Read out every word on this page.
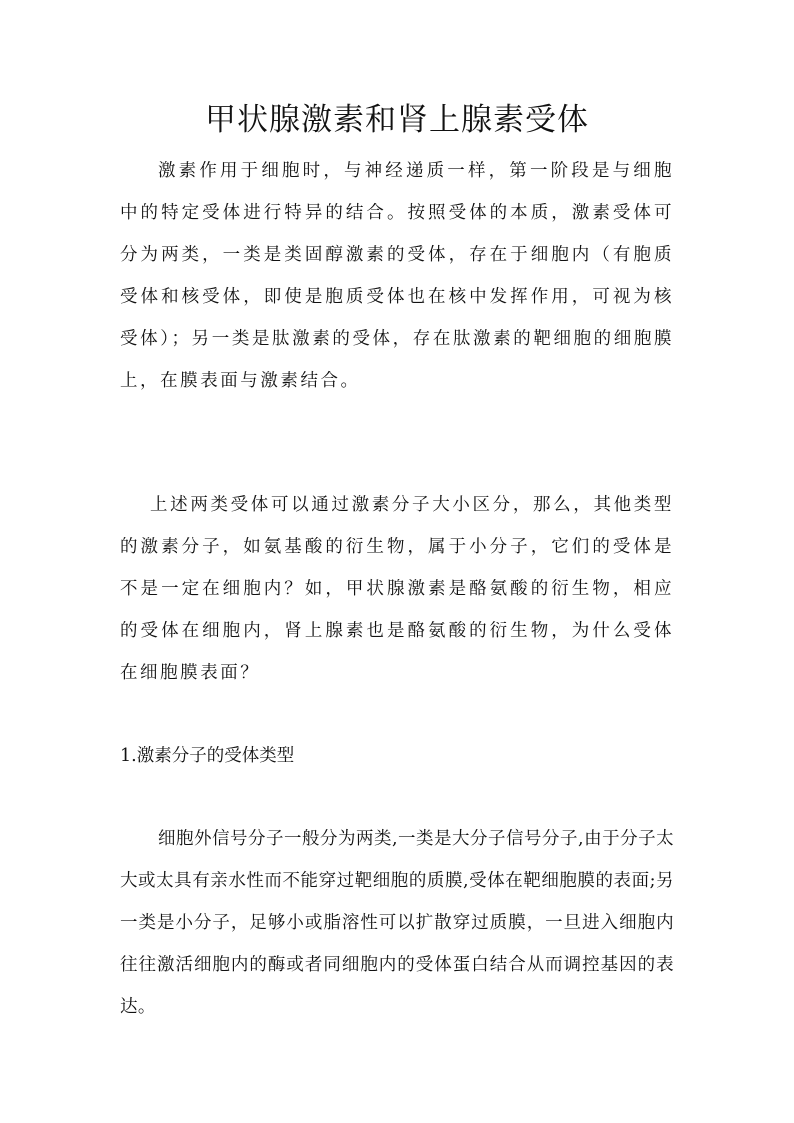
甲状腺激素和肾上腺素受体

激素作用于细胞时，与神经递质一样，第一阶段是与细胞中的特定受体进行特异的结合。按照受体的本质，激素受体可分为两类，一类是类固醇激素的受体，存在于细胞内（有胞质受体和核受体，即使是胞质受体也在核中发挥作用，可视为核受体）；另一类是肽激素的受体，存在肽激素的靶细胞的细胞膜上，在膜表面与激素结合。

上述两类受体可以通过激素分子大小区分，那么，其他类型的激素分子，如氨基酸的衍生物，属于小分子，它们的受体是不是一定在细胞内？如，甲状腺激素是酪氨酸的衍生物，相应的受体在细胞内，肾上腺素也是酪氨酸的衍生物，为什么受体在细胞膜表面？

1.激素分子的受体类型

细胞外信号分子一般分为两类,一类是大分子信号分子,由于分子太大或太具有亲水性而不能穿过靶细胞的质膜,受体在靶细胞膜的表面;另一类是小分子，足够小或脂溶性可以扩散穿过质膜，一旦进入细胞内往往激活细胞内的酶或者同细胞内的受体蛋白结合从而调控基因的表达。
